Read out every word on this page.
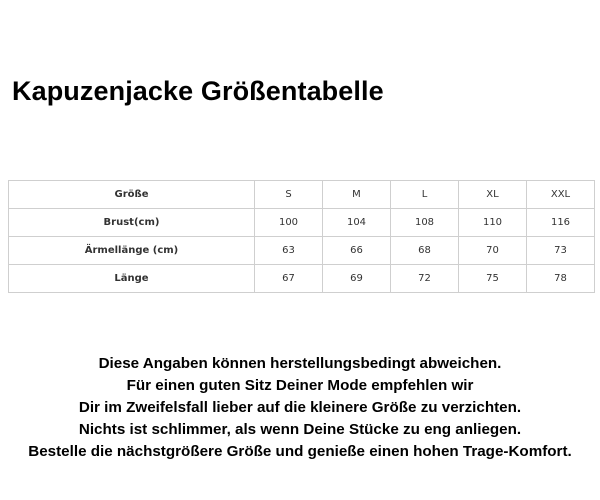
Kapuzenjacke Größentabelle
Größe	S	M	L	XL	XXL
Brust(cm)	100	104	108	110	116
Ärmellänge (cm)	63	66	68	70	73
Länge	67	69	72	75	78
Diese Angaben können herstellungsbedingt abweichen.
Für einen guten Sitz Deiner Mode empfehlen wir
Dir im Zweifelsfall lieber auf die kleinere Größe zu verzichten.
Nichts ist schlimmer, als wenn Deine Stücke zu eng anliegen.
Bestelle die nächstgrößere Größe und genieße einen hohen Trage-Komfort.
